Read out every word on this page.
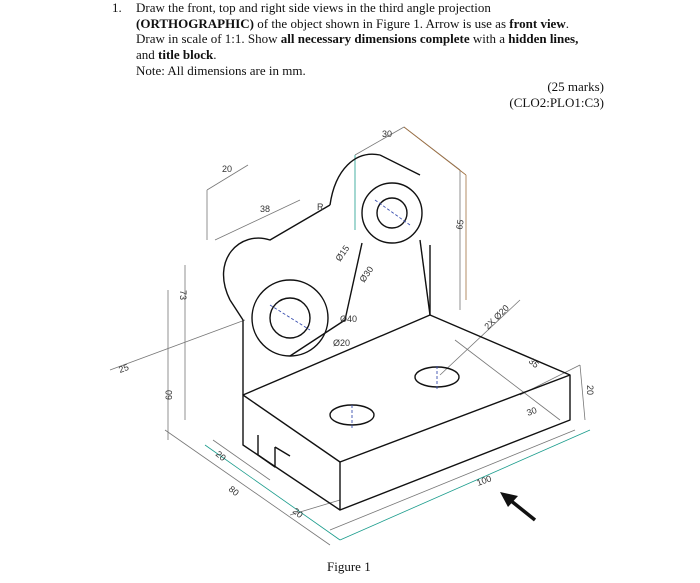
1. Draw the front, top and right side views in the third angle projection

(ORTHOGRAPHIC) of the object shown in Figure 1. Arrow is use as front view.

Draw in scale of 1:1. Show all necessary dimensions complete with a hidden lines,

and title block.

Note: All dimensions are in mm.
(25 marks)
(CLO2:PLO1:C3)
30
20
38	R
65
Ø15
Ø30
Ø40
Ø20
73
25
60
2X Ø20
35
20
30
100
20
80
20
Figure 1
